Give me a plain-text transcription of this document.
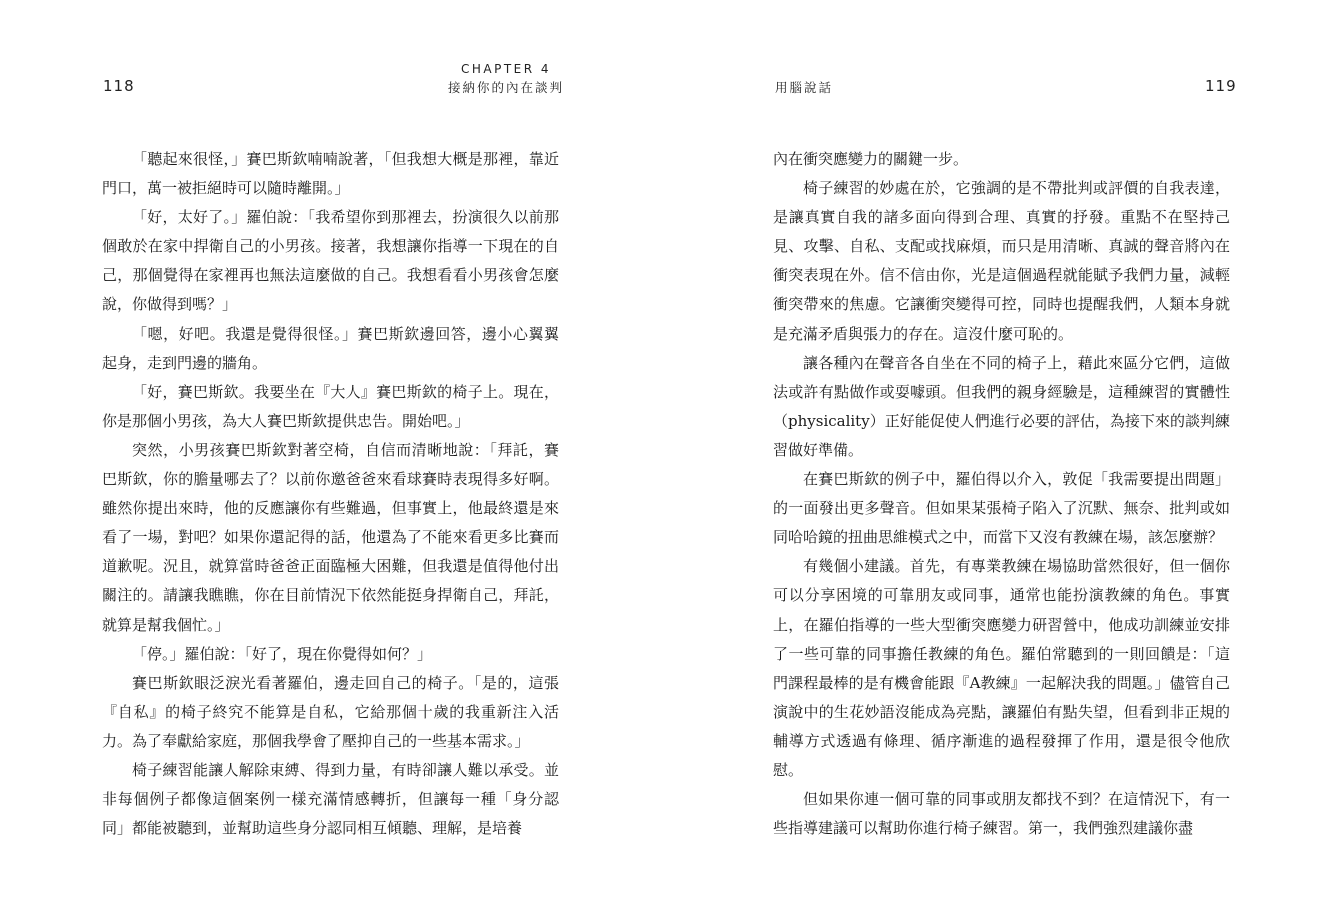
118
CHAPTER 4
接納你的內在談判	用腦說話	119

「聽起來很怪，」賽巴斯欽喃喃說著，「但我想大概是那裡，靠近門口，萬一被拒絕時可以隨時離開。」

「好，太好了。」羅伯說：「我希望你到那裡去，扮演很久以前那個敢於在家中捍衛自己的小男孩。接著，我想讓你指導一下現在的自己，那個覺得在家裡再也無法這麼做的自己。我想看看小男孩會怎麼說，你做得到嗎？」

「嗯，好吧。我還是覺得很怪。」賽巴斯欽邊回答，邊小心翼翼起身，走到門邊的牆角。

「好，賽巴斯欽。我要坐在『大人』賽巴斯欽的椅子上。現在，你是那個小男孩，為大人賽巴斯欽提供忠告。開始吧。」

突然，小男孩賽巴斯欽對著空椅，自信而清晰地說：「拜託，賽巴斯欽，你的膽量哪去了？以前你邀爸爸來看球賽時表現得多好啊。雖然你提出來時，他的反應讓你有些難過，但事實上，他最終還是來看了一場，對吧？如果你還記得的話，他還為了不能來看更多比賽而道歉呢。況且，就算當時爸爸正面臨極大困難，但我還是值得他付出關注的。請讓我瞧瞧，你在目前情況下依然能挺身捍衛自己，拜託，就算是幫我個忙。」

「停。」羅伯說：「好了，現在你覺得如何？」

賽巴斯欽眼泛淚光看著羅伯，邊走回自己的椅子。「是的，這張『自私』的椅子終究不能算是自私，它給那個十歲的我重新注入活力。為了奉獻給家庭，那個我學會了壓抑自己的一些基本需求。」

椅子練習能讓人解除束縛、得到力量，有時卻讓人難以承受。並非每個例子都像這個案例一樣充滿情感轉折，但讓每一種「身分認同」都能被聽到，並幫助這些身分認同相互傾聽、理解，是培養

內在衝突應變力的關鍵一步。

椅子練習的妙處在於，它強調的是不帶批判或評價的自我表達，是讓真實自我的諸多面向得到合理、真實的抒發。重點不在堅持己見、攻擊、自私、支配或找麻煩，而只是用清晰、真誠的聲音將內在衝突表現在外。信不信由你，光是這個過程就能賦予我們力量，減輕衝突帶來的焦慮。它讓衝突變得可控，同時也提醒我們，人類本身就是充滿矛盾與張力的存在。這沒什麼可恥的。

讓各種內在聲音各自坐在不同的椅子上，藉此來區分它們，這做法或許有點做作或耍噱頭。但我們的親身經驗是，這種練習的實體性（physicality）正好能促使人們進行必要的評估，為接下來的談判練習做好準備。

在賽巴斯欽的例子中，羅伯得以介入，敦促「我需要提出問題」的一面發出更多聲音。但如果某張椅子陷入了沉默、無奈、批判或如同哈哈鏡的扭曲思維模式之中，而當下又沒有教練在場，該怎麼辦？

有幾個小建議。首先，有專業教練在場協助當然很好，但一個你可以分享困境的可靠朋友或同事，通常也能扮演教練的角色。事實上，在羅伯指導的一些大型衝突應變力研習營中，他成功訓練並安排了一些可靠的同事擔任教練的角色。羅伯常聽到的一則回饋是：「這門課程最棒的是有機會能跟『A教練』一起解決我的問題。」儘管自己演說中的生花妙語沒能成為亮點，讓羅伯有點失望，但看到非正規的輔導方式透過有條理、循序漸進的過程發揮了作用，還是很令他欣慰。

但如果你連一個可靠的同事或朋友都找不到？在這情況下，有一些指導建議可以幫助你進行椅子練習。第一，我們強烈建議你盡
